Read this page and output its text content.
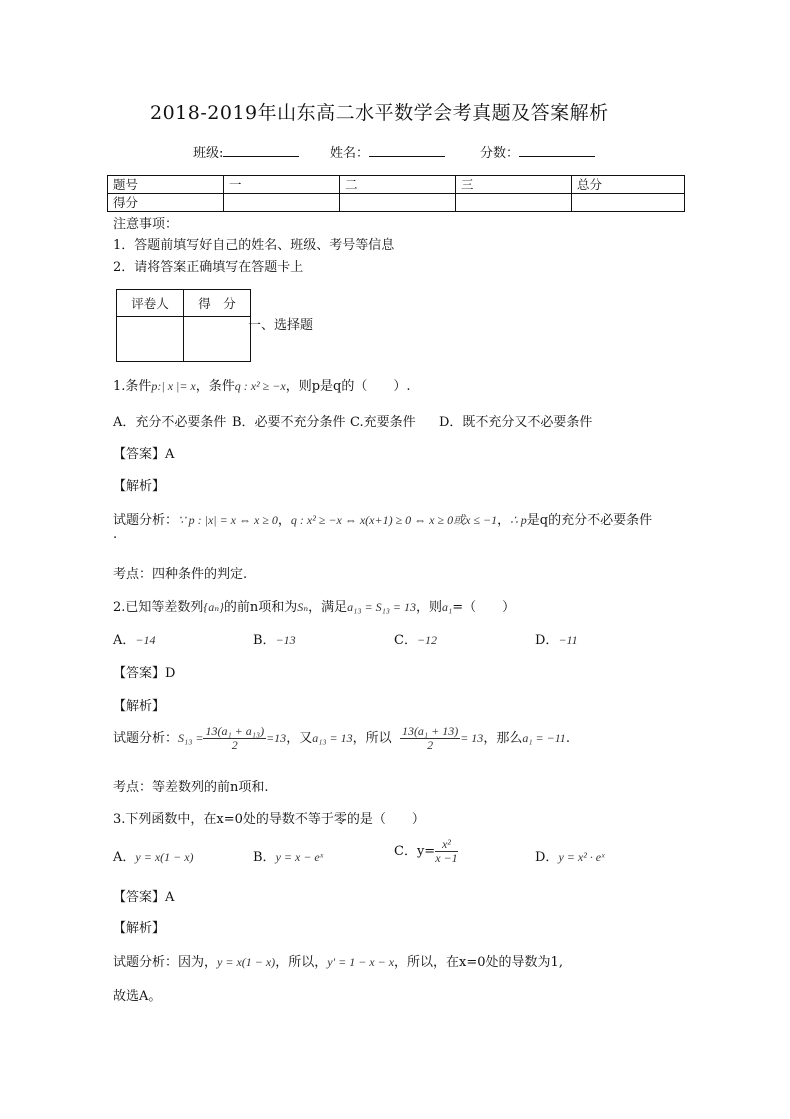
2018-2019年山东高二水平数学会考真题及答案解析
班级:	姓名：	分数：
题号	一	二	三	总分
得分				
注意事项：
1．答题前填写好自己的姓名、班级、考号等信息
2．请将答案正确填写在答题卡上
评卷人	得　分

一、选择题
1.条件p:| x |= x，条件q : x² ≥ −x，则p是q的（　　）.
A．充分不必要条件 B．必要不充分条件 C.充要条件 D．既不充分又不必要条件
【答案】A
【解析】
试题分析：∵ p : |x| = x ⇔ x ≥ 0，q : x² ≥ −x ⇔ x(x+1) ≥ 0 ⇔ x ≥ 0或x ≤ −1，∴ p是q的充分不必要条件
.
考点：四种条件的判定.
2.已知等差数列{aₙ}的前n项和为Sₙ，满足a₁₃ = S₁₃ = 13，则a₁=（　　）
A．−14	B．−13	C．−12	D．−11
【答案】D
【解析】
试题分析：$S_{13} = \frac{\text{13(a₁ + a₁₃)}}{2} =13$，又a₁₃ = 13，所以 $\frac{\text{13(a₁ + 13)}}{2} = 13$，那么a₁ = −11.
考点：等差数列的前n项和.
3.下列函数中，在x=0处的导数不等于零的是（　　）
A．y = x(1 − x)	B．y = x − eˣ	C．$y= \frac{\text{x²}}{x -1}$	D．y = x² · eˣ
【答案】A
【解析】
试题分析：因为，y = x(1 − x)，所以，y' = 1 − x − x，所以，在x=0处的导数为1,
故选A。
